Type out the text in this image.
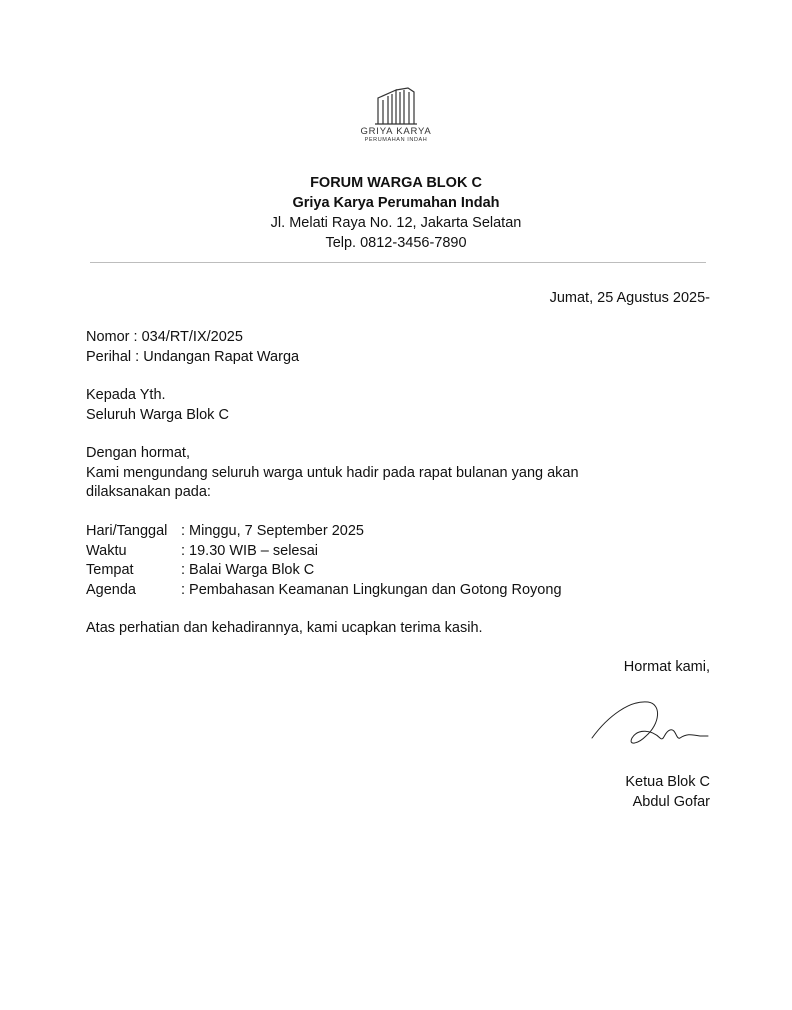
GRIYA KARYA
PERUMAHAN INDAH
FORUM WARGA BLOK C
Griya Karya Perumahan Indah
Jl. Melati Raya No. 12, Jakarta Selatan
Telp. 0812-3456-7890
Jumat, 25 Agustus 2025-
Nomor : 034/RT/IX/2025
Perihal : Undangan Rapat Warga
Kepada Yth.
Seluruh Warga Blok C
Dengan hormat,
Kami mengundang seluruh warga untuk hadir pada rapat bulanan yang akan dilaksanakan pada:
Hari/Tanggal : Minggu, 7 September 2025
Waktu	: 19.30 WIB – selesai
Tempat	: Balai Warga Blok C
Agenda	: Pembahasan Keamanan Lingkungan dan Gotong Royong
Atas perhatian dan kehadirannya, kami ucapkan terima kasih.
Hormat kami,
Ketua Blok C
Abdul Gofar
